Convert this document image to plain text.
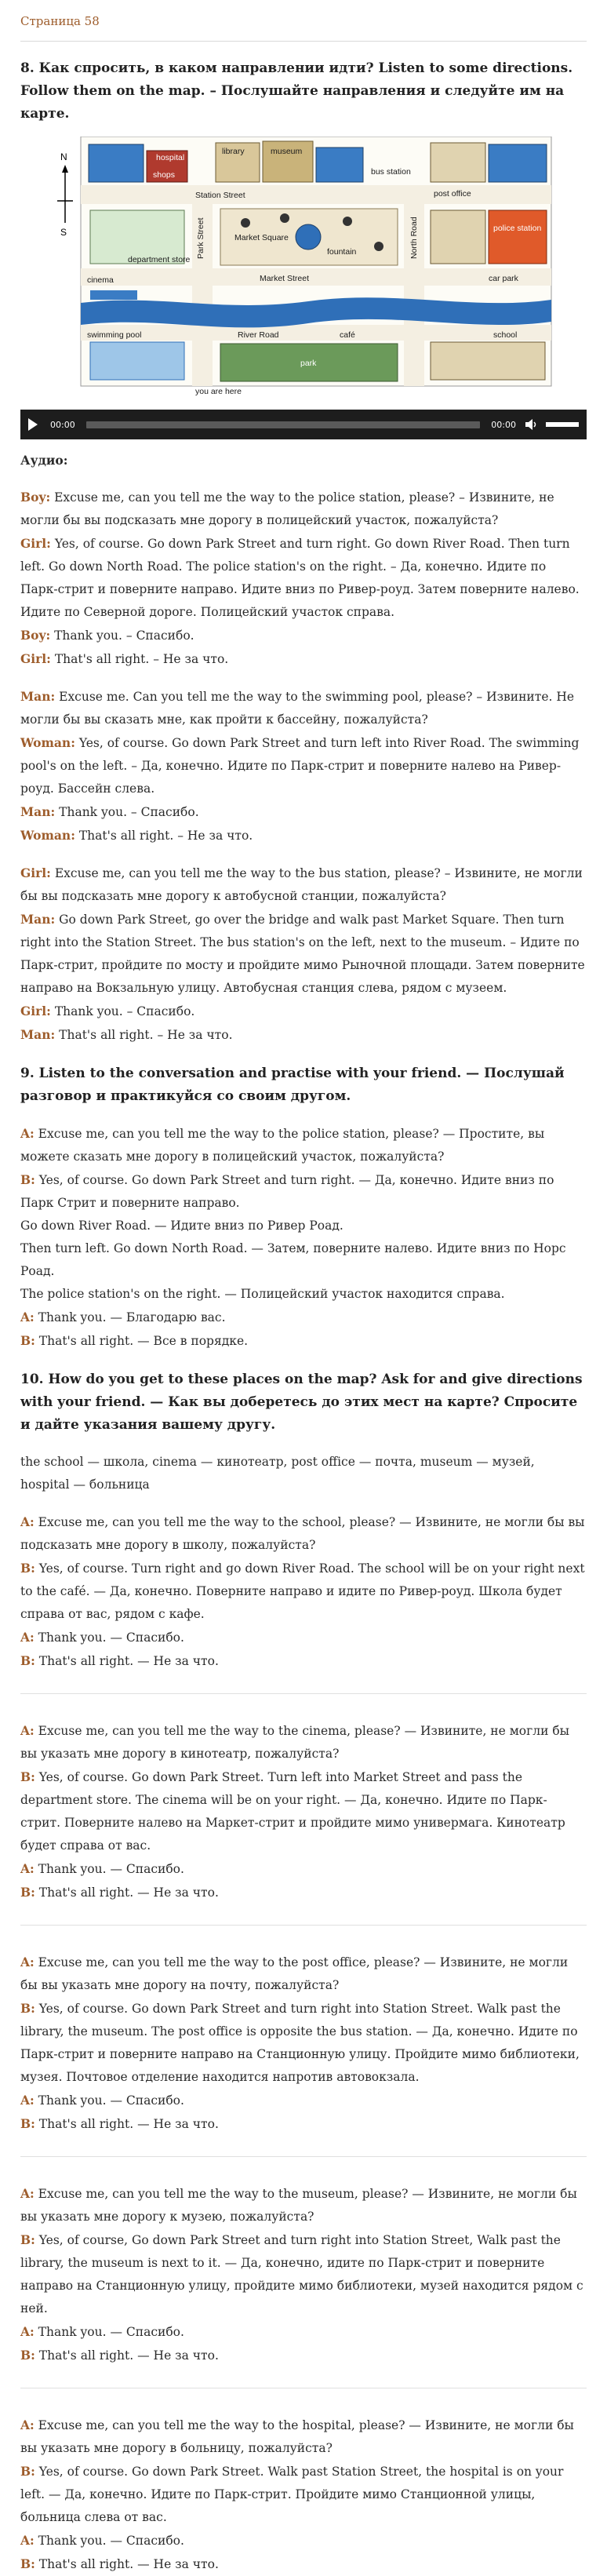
Страница 58
8. Как спросить, в каком направлении идти? Listen to some directions. Follow them on the map. – Послушайте направления и следуйте им на карте.
N
S
hospital
shops
library	museum
bus station
Station Street	post office
Park Street	Market Square
fountain	North Road	police station
cinema
department store
Market Street	car park
swimming pool	River Road	café	school
park
you are here
00:00	00:00

Аудио:

Boy: Excuse me, can you tell me the way to the police station, please? – Извините, не могли бы вы подсказать мне дорогу в полицейский участок, пожалуйста?

Girl: Yes, of course. Go down Park Street and turn right. Go down River Road. Then turn left. Go down North Road. The police station's on the right. – Да, конечно. Идите по Парк-стрит и поверните направо. Идите вниз по Ривер-роуд. Затем поверните налево. Идите по Северной дороге. Полицейский участок справа.

Boy: Thank you. – Спасибо.

Girl: That's all right. – Не за что.

Man: Excuse me. Can you tell me the way to the swimming pool, please? – Извините. Не могли бы вы сказать мне, как пройти к бассейну, пожалуйста?

Woman: Yes, of course. Go down Park Street and turn left into River Road. The swimming pool's on the left. – Да, конечно. Идите по Парк-стрит и поверните налево на Ривер-роуд. Бассейн слева.

Man: Thank you. – Спасибо.

Woman: That's all right. – Не за что.

Girl: Excuse me, can you tell me the way to the bus station, please? – Извините, не могли бы вы подсказать мне дорогу к автобусной станции, пожалуйста?

Man: Go down Park Street, go over the bridge and walk past Market Square. Then turn right into the Station Street. The bus station's on the left, next to the museum. – Идите по Парк-стрит, пройдите по мосту и пройдите мимо Рыночной площади. Затем поверните направо на Вокзальную улицу. Автобусная станция слева, рядом с музеем.

Girl: Thank you. – Спасибо.

Man: That's all right. – Не за что.

9. Listen to the conversation and practise with your friend. — Послушай разговор и практикуйся со своим другом.

A: Excuse me, can you tell me the way to the police station, please? — Простите, вы можете сказать мне дорогу в полицейский участок, пожалуйста?

B: Yes, of course. Go down Park Street and turn right. — Да, конечно. Идите вниз по Парк Стрит и поверните направо.

Go down River Road. — Идите вниз по Ривер Роад.

Then turn left. Go down North Road. — Затем, поверните налево. Идите вниз по Норс Роад.

The police station's on the right. — Полицейский участок находится справа.

A: Thank you. — Благодарю вас.

B: That's all right. — Все в порядке.

10. How do you get to these places on the map? Ask for and give directions with your friend. — Как вы доберетесь до этих мест на карте? Спросите и дайте указания вашему другу.

the school — школа, cinema — кинотеатр, post office — почта, museum — музей, hospital — больница

A: Excuse me, can you tell me the way to the school, please? — Извините, не могли бы вы подсказать мне дорогу в школу, пожалуйста?

B: Yes, of course. Turn right and go down River Road. The school will be on your right next to the café. — Да, конечно. Поверните направо и идите по Ривер-роуд. Школа будет справа от вас, рядом с кафе.

A: Thank you. — Спасибо.

B: That's all right. — Не за что.

A: Excuse me, can you tell me the way to the cinema, please? — Извините, не могли бы вы указать мне дорогу в кинотеатр, пожалуйста?

B: Yes, of course. Go down Park Street. Turn left into Market Street and pass the department store. The cinema will be on your right. — Да, конечно. Идите по Парк-стрит. Поверните налево на Маркет-стрит и пройдите мимо универмага. Кинотеатр будет справа от вас.

A: Thank you. — Спасибо.

B: That's all right. — Не за что.

A: Excuse me, can you tell me the way to the post office, please? — Извините, не могли бы вы указать мне дорогу на почту, пожалуйста?

B: Yes, of course. Go down Park Street and turn right into Station Street. Walk past the library, the museum. The post office is opposite the bus station. — Да, конечно. Идите по Парк-стрит и поверните направо на Станционную улицу. Пройдите мимо библиотеки, музея. Почтовое отделение находится напротив автовокзала.

A: Thank you. — Спасибо.

B: That's all right. — Не за что.

A: Excuse me, can you tell me the way to the museum, please? — Извините, не могли бы вы указать мне дорогу к музею, пожалуйста?

B: Yes, of course, Go down Park Street and turn right into Station Street, Walk past the library, the museum is next to it. — Да, конечно, идите по Парк-стрит и поверните направо на Станционную улицу, пройдите мимо библиотеки, музей находится рядом с ней.

A: Thank you. — Спасибо.

B: That's all right. — Не за что.

A: Excuse me, can you tell me the way to the hospital, please? — Извините, не могли бы вы указать мне дорогу в больницу, пожалуйста?

B: Yes, of course. Go down Park Street. Walk past Station Street, the hospital is on your left. — Да, конечно. Идите по Парк-стрит. Пройдите мимо Станционной улицы, больница слева от вас.

A: Thank you. — Спасибо.

B: That's all right. — Не за что.
